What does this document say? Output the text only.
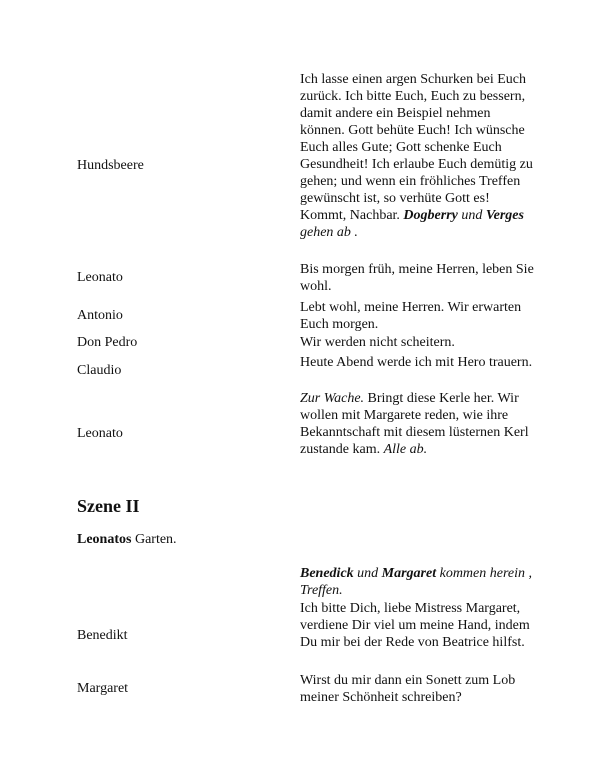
Hundsbeere
Ich lasse einen argen Schurken bei Euch zurück. Ich bitte Euch, Euch zu bessern, damit andere ein Beispiel nehmen können. Gott behüte Euch! Ich wünsche Euch alles Gute; Gott schenke Euch Gesundheit! Ich erlaube Euch demütig zu gehen; und wenn ein fröhliches Treffen gewünscht ist, so verhüte Gott es! Kommt, Nachbar. Dogberry und Verges gehen ab .
Leonato
Bis morgen früh, meine Herren, leben Sie wohl.
Antonio
Lebt wohl, meine Herren. Wir erwarten Euch morgen.
Don Pedro	Wir werden nicht scheitern.
Claudio
Heute Abend werde ich mit Hero trauern.
Leonato
Zur Wache. Bringt diese Kerle her. Wir wollen mit Margarete reden, wie ihre Bekanntschaft mit diesem lüsternen Kerl zustande kam. Alle ab.
Szene II
Leonatos Garten.
Benedick und Margaret kommen herein , Treffen.
Benedikt
Ich bitte Dich, liebe Mistress Margaret, verdiene Dir viel um meine Hand, indem Du mir bei der Rede von Beatrice hilfst.
Margaret
Wirst du mir dann ein Sonett zum Lob meiner Schönheit schreiben?
